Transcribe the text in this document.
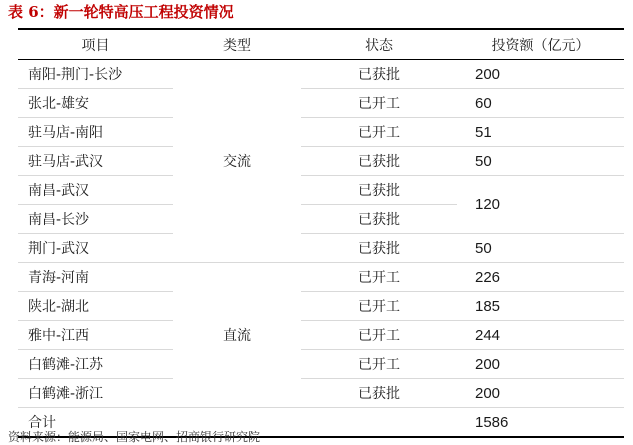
表 6：新一轮特高压工程投资情况
项目	类型	状态	投资额（亿元）
南阳-荆门-长沙	交流	已获批	200
张北-雄安		已开工	60
驻马店-南阳		已开工	51
驻马店-武汉		已获批	50
南昌-武汉		已获批	120
南昌-长沙		已获批	
荆门-武汉		已获批	50
青海-河南	直流	已开工	226
陕北-湖北		已开工	185
雅中-江西		已开工	244
白鹤滩-江苏		已开工	200
白鹤滩-浙江		已获批	200
合计			1586
资料来源：能源局、国家电网、招商银行研究院
